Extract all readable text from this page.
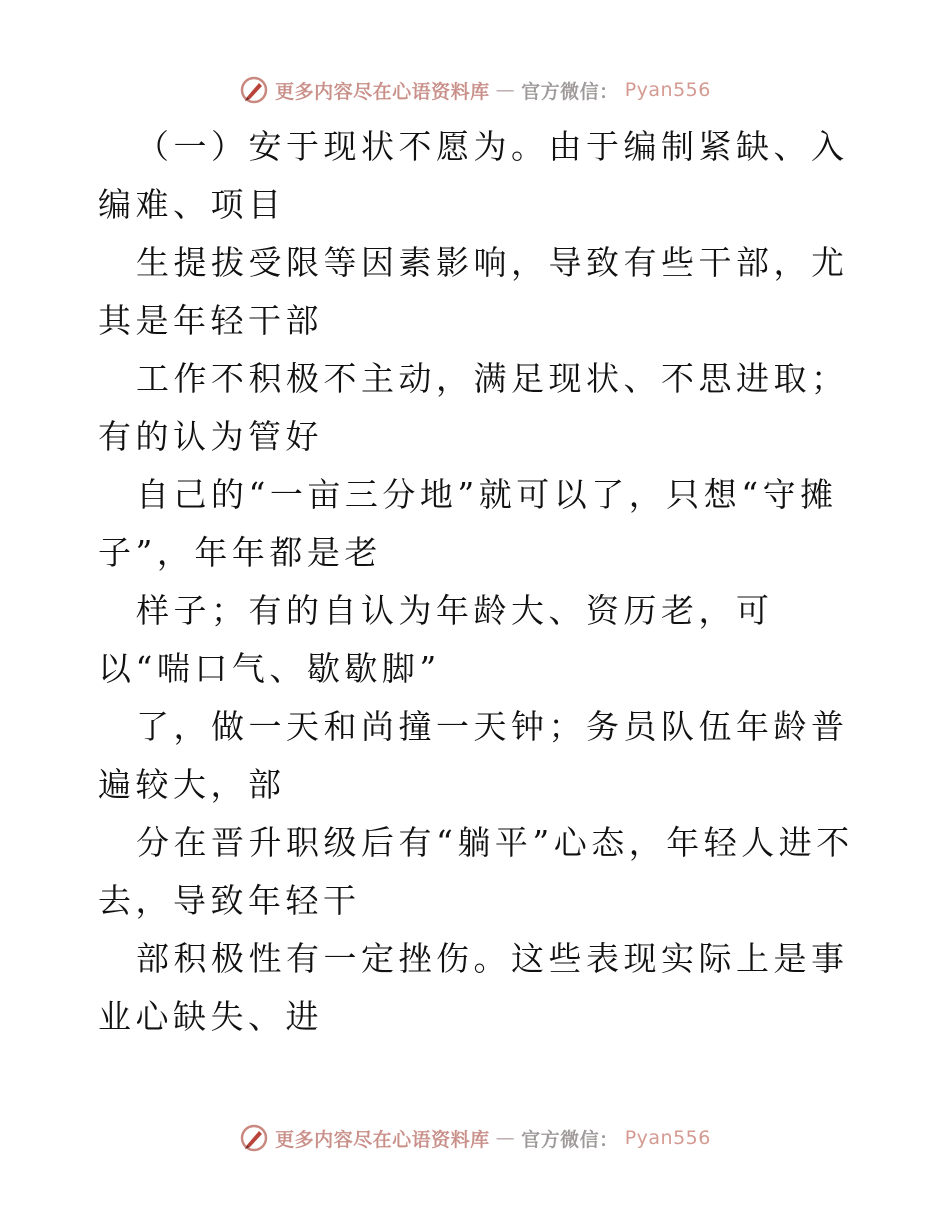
更多内容尽在心语资料库 — 官方微信： Pyan556

（一）安于现状不愿为。由于编制紧缺、入编难、项目

生提拔受限等因素影响，导致有些干部，尤其是年轻干部

工作不积极不主动，满足现状、不思进取；有的认为管好

自己的“一亩三分地”就可以了，只想“守摊子”，年年都是老

样子；有的自认为年龄大、资历老，可以“喘口气、歇歇脚”

了，做一天和尚撞一天钟；务员队伍年龄普遍较大，部

分在晋升职级后有“躺平”心态，年轻人进不去，导致年轻干

部积极性有一定挫伤。这些表现实际上是事业心缺失、进

更多内容尽在心语资料库 — 官方微信： Pyan556
